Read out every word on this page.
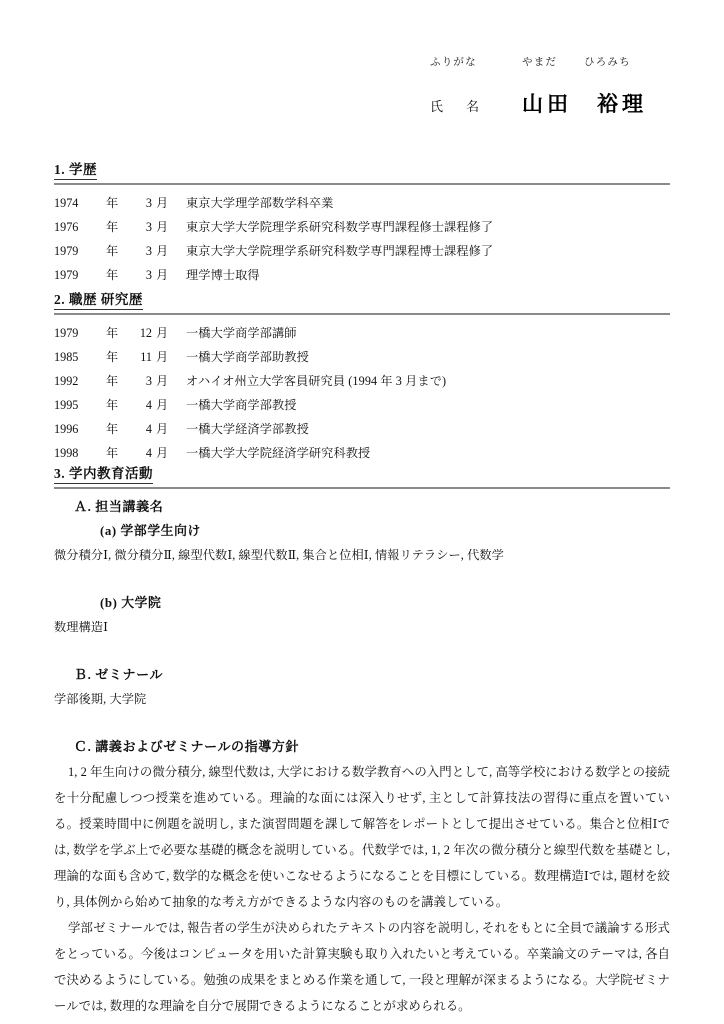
ふりがな	やまだ	ひろみち
氏　名	山田　裕理
1. 学歴
1974	年	3 月	東京大学理学部数学科卒業
1976	年	3 月	東京大学大学院理学系研究科数学専門課程修士課程修了
1979	年	3 月	東京大学大学院理学系研究科数学専門課程博士課程修了
1979	年	3 月	理学博士取得
2. 職歴 研究歴
1979	年	12 月	一橋大学商学部講師
1985	年	11 月	一橋大学商学部助教授
1992	年	3 月	オハイオ州立大学客員研究員 (1994 年 3 月まで)
1995	年	4 月	一橋大学商学部教授
1996	年	4 月	一橋大学経済学部教授
1998	年	4 月	一橋大学大学院経済学研究科教授
3. 学内教育活動
Ａ. 担当講義名
(a) 学部学生向け
微分積分Ⅰ, 微分積分Ⅱ, 線型代数Ⅰ, 線型代数Ⅱ, 集合と位相Ⅰ, 情報リテラシー, 代数学
(b) 大学院
数理構造Ⅰ
Ｂ. ゼミナール
学部後期, 大学院
Ｃ. 講義およびゼミナールの指導方針

1, 2 年生向けの微分積分, 線型代数は, 大学における数学教育への入門として, 高等学校における数学との接続を十分配慮しつつ授業を進めている。理論的な面には深入りせず, 主として計算技法の習得に重点を置いている。授業時間中に例題を説明し, また演習問題を課して解答をレポートとして提出させている。集合と位相Ⅰでは, 数学を学ぶ上で必要な基礎的概念を説明している。代数学では, 1, 2 年次の微分積分と線型代数を基礎とし, 理論的な面も含めて, 数学的な概念を使いこなせるようになることを目標にしている。数理構造Ⅰでは, 題材を絞り, 具体例から始めて抽象的な考え方ができるような内容のものを講義している。

学部ゼミナールでは, 報告者の学生が決められたテキストの内容を説明し, それをもとに全員で議論する形式をとっている。今後はコンピュータを用いた計算実験も取り入れたいと考えている。卒業論文のテーマは, 各自で決めるようにしている。勉強の成果をまとめる作業を通して, 一段と理解が深まるようになる。大学院ゼミナールでは, 数理的な理論を自分で展開できるようになることが求められる。
